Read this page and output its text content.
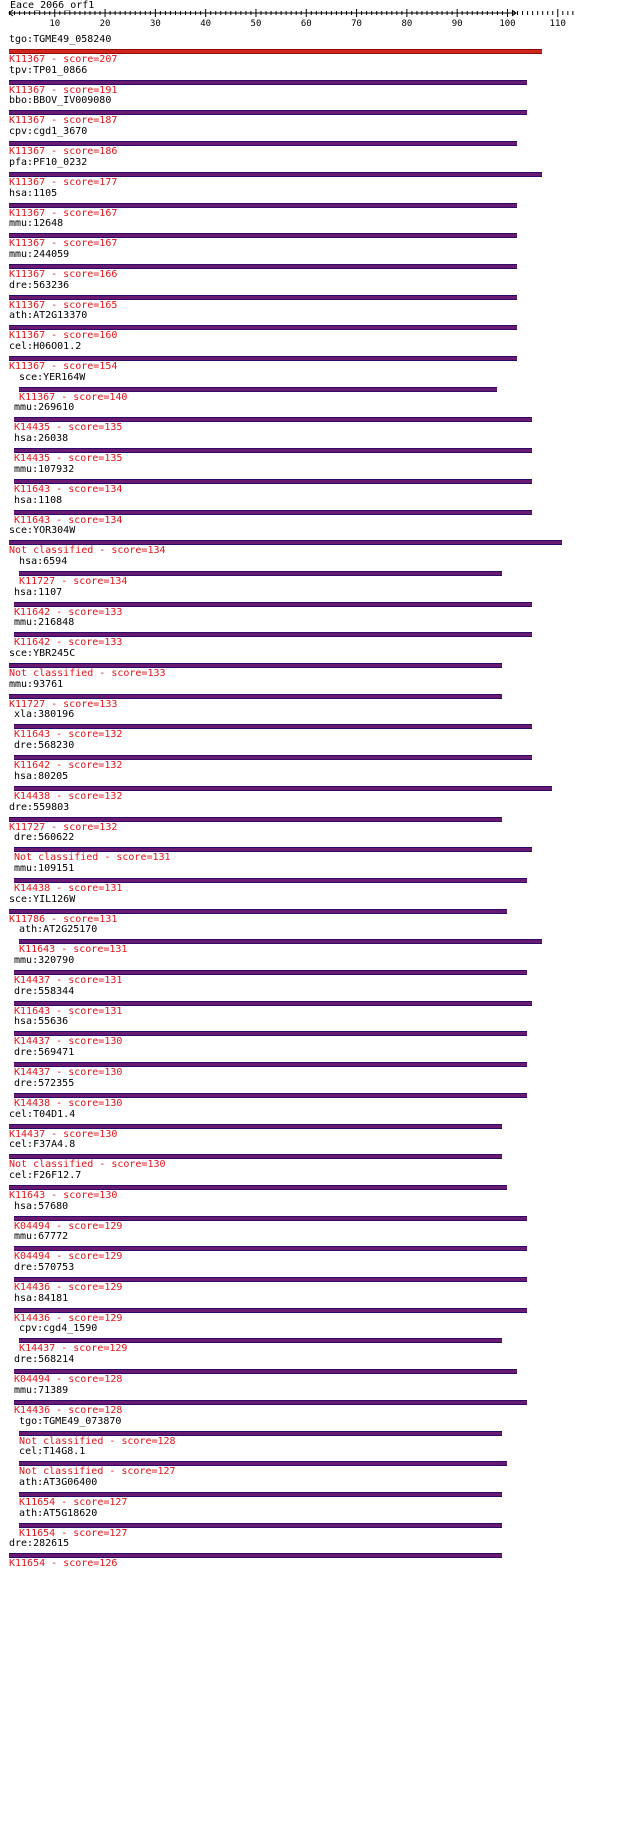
Eace_2066_orf1
10	20	30	40	50	60	70	80	90	100	110
tgo:TGME49_058240
K11367 - score=207
tpv:TP01_0866
K11367 - score=191
bbo:BBOV_IV009080
K11367 - score=187
cpv:cgd1_3670
K11367 - score=186
pfa:PF10_0232
K11367 - score=177
hsa:1105
K11367 - score=167
mmu:12648
K11367 - score=167
mmu:244059
K11367 - score=166
dre:563236
K11367 - score=165
ath:AT2G13370
K11367 - score=160
cel:H06O01.2
K11367 - score=154
sce:YER164W
K11367 - score=140
mmu:269610
K14435 - score=135
hsa:26038
K14435 - score=135
mmu:107932
K11643 - score=134
hsa:1108
K11643 - score=134
sce:YOR304W
Not classified - score=134
hsa:6594
K11727 - score=134
hsa:1107
K11642 - score=133
mmu:216848
K11642 - score=133
sce:YBR245C
Not classified - score=133
mmu:93761
K11727 - score=133
xla:380196
K11643 - score=132
dre:568230
K11642 - score=132
hsa:80205
K14438 - score=132
dre:559803
K11727 - score=132
dre:560622
Not classified - score=131
mmu:109151
K14438 - score=131
sce:YIL126W
K11786 - score=131
ath:AT2G25170
K11643 - score=131
mmu:320790
K14437 - score=131
dre:558344
K11643 - score=131
hsa:55636
K14437 - score=130
dre:569471
K14437 - score=130
dre:572355
K14438 - score=130
cel:T04D1.4
K14437 - score=130
cel:F37A4.8
Not classified - score=130
cel:F26F12.7
K11643 - score=130
hsa:57680
K04494 - score=129
mmu:67772
K04494 - score=129
dre:570753
K14436 - score=129
hsa:84181
K14436 - score=129
cpv:cgd4_1590
K14437 - score=129
dre:568214
K04494 - score=128
mmu:71389
K14436 - score=128
tgo:TGME49_073870
Not classified - score=128
cel:T14G8.1
Not classified - score=127
ath:AT3G06400
K11654 - score=127
ath:AT5G18620
K11654 - score=127
dre:282615
K11654 - score=126
